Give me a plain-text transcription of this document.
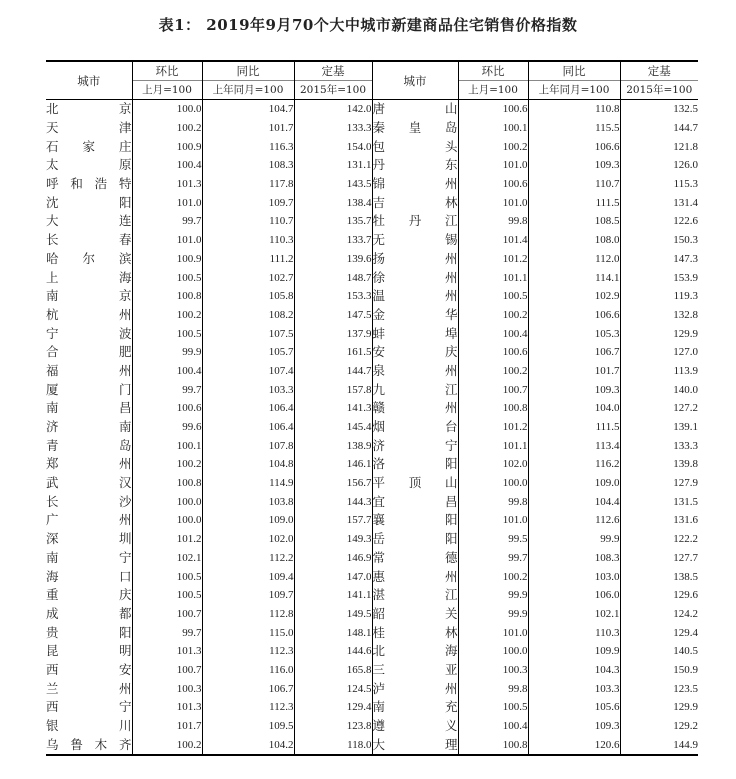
表1： 2019年9月70个大中城市新建商品住宅销售价格指数
城市	环比	同比	定基	城市	环比	同比	定基
	上月=100	上年同月=100	2015年=100		上月=100	上年同月=100	2015年=100
北京	100.0	104.7	142.0	唐山	100.6	110.8	132.5
天津	100.2	101.7	133.3	秦皇岛	100.1	115.5	144.7
石家庄	100.9	116.3	154.0	包头	100.2	106.6	121.8
太原	100.4	108.3	131.1	丹东	101.0	109.3	126.0
呼和浩特	101.3	117.8	143.5	锦州	100.6	110.7	115.3
沈阳	101.0	109.7	138.4	吉林	101.0	111.5	131.4
大连	99.7	110.7	135.7	牡丹江	99.8	108.5	122.6
长春	101.0	110.3	133.7	无锡	101.4	108.0	150.3
哈尔滨	100.9	111.2	139.6	扬州	101.2	112.0	147.3
上海	100.5	102.7	148.7	徐州	101.1	114.1	153.9
南京	100.8	105.8	153.3	温州	100.5	102.9	119.3
杭州	100.2	108.2	147.5	金华	100.2	106.6	132.8
宁波	100.5	107.5	137.9	蚌埠	100.4	105.3	129.9
合肥	99.9	105.7	161.5	安庆	100.6	106.7	127.0
福州	100.4	107.4	144.7	泉州	100.2	101.7	113.9
厦门	99.7	103.3	157.8	九江	100.7	109.3	140.0
南昌	100.6	106.4	141.3	赣州	100.8	104.0	127.2
济南	99.6	106.4	145.4	烟台	101.2	111.5	139.1
青岛	100.1	107.8	138.9	济宁	101.1	113.4	133.3
郑州	100.2	104.8	146.1	洛阳	102.0	116.2	139.8
武汉	100.8	114.9	156.7	平顶山	100.0	109.0	127.9
长沙	100.0	103.8	144.3	宜昌	99.8	104.4	131.5
广州	100.0	109.0	157.7	襄阳	101.0	112.6	131.6
深圳	101.2	102.0	149.3	岳阳	99.5	99.9	122.2
南宁	102.1	112.2	146.9	常德	99.7	108.3	127.7
海口	100.5	109.4	147.0	惠州	100.2	103.0	138.5
重庆	100.5	109.7	141.1	湛江	99.9	106.0	129.6
成都	100.7	112.8	149.5	韶关	99.9	102.1	124.2
贵阳	99.7	115.0	148.1	桂林	101.0	110.3	129.4
昆明	101.3	112.3	144.6	北海	100.0	109.9	140.5
西安	100.7	116.0	165.8	三亚	100.3	104.3	150.9
兰州	100.3	106.7	124.5	泸州	99.8	103.3	123.5
西宁	101.3	112.3	129.4	南充	100.5	105.6	129.9
银川	101.7	109.5	123.8	遵义	100.4	109.3	129.2
乌鲁木齐	100.2	104.2	118.0	大理	100.8	120.6	144.9
